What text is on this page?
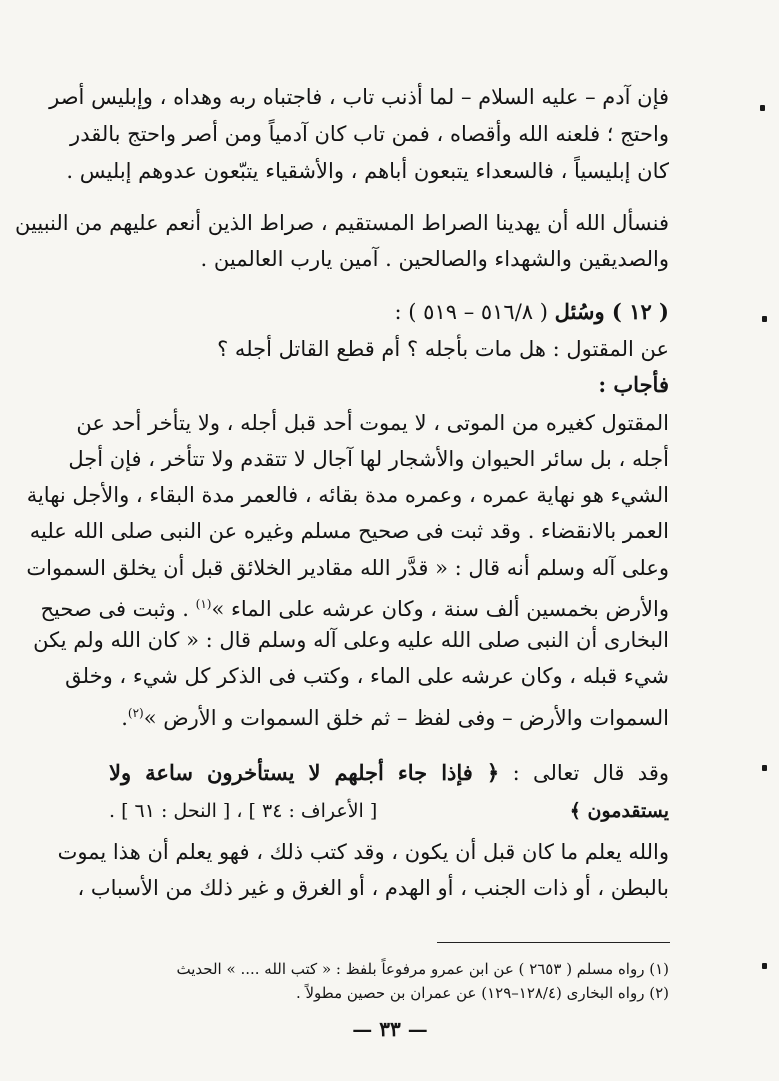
فإن آدم – عليه السلام – لما أذنب تاب ، فاجتباه ربه وهداه ، وإبليس أصر
واحتج ؛ فلعنه الله وأقصاه ، فمن تاب كان آدمياً ومن أصر واحتج بالقدر
كان إبليسياً ، فالسعداء يتبعون أباهم ، والأشقياء يتبّعون عدوهم إبليس .
فنسأل الله أن يهدينا الصراط المستقيم ، صراط الذين أنعم عليهم من النبيين
والصديقين والشهداء والصالحين . آمين يارب العالمين .
( ١٢ ) وسُئل ( ٥١٦/٨ – ٥١٩ ) :
عن المقتول : هل مات بأجله ؟ أم قطع القاتل أجله ؟
فأجاب :
المقتول كغيره من الموتى ، لا يموت أحد قبل أجله ، ولا يتأخر أحد عن
أجله ، بل سائر الحيوان والأشجار لها آجال لا تتقدم ولا تتأخر ، فإن أجل
الشيء هو نهاية عمره ، وعمره مدة بقائه ، فالعمر مدة البقاء ، والأجل نهاية
العمر بالانقضاء . وقد ثبت فى صحيح مسلم وغيره عن النبى صلى الله عليه
وعلى آله وسلم أنه قال : « قدَّر الله مقادير الخلائق قبل أن يخلق السموات
والأرض بخمسين ألف سنة ، وكان عرشه على الماء »$^{(١)}$ . وثبت فى صحيح
البخارى أن النبى صلى الله عليه وعلى آله وسلم قال : « كان الله ولم يكن
شيء قبله ، وكان عرشه على الماء ، وكتب فى الذكر كل شيء ، وخلق
السموات والأرض – وفى لفظ – ثم خلق السموات و الأرض »$^{(٢)}$.
وقد قال تعالى : ﴿ فإذا جاء أجلهم لا يستأخرون ساعة ولا
يستقدمون ﴾
[ الأعراف : ٣٤ ] ، [ النحل : ٦١ ] .
والله يعلم ما كان قبل أن يكون ، وقد كتب ذلك ، فهو يعلم أن هذا يموت
بالبطن ، أو ذات الجنب ، أو الهدم ، أو الغرق و غير ذلك من الأسباب ،
(١) رواه مسلم ( ٢٦٥٣ ) عن ابن عمرو مرفوعاً بلفظ : « كتب الله .... » الحديث
(٢) رواه البخارى (١٢٨/٤–١٢٩) عن عمران بن حصين مطولاً .
— ٣٣ —
